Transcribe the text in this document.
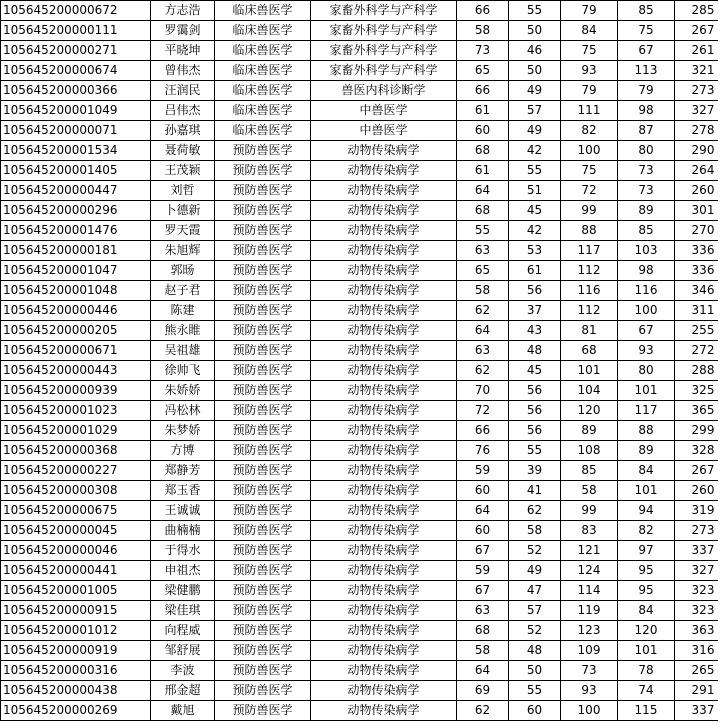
105645200000672	方志浩	临床兽医学	家畜外科学与产科学	66	55	79	85	285
105645200000111	罗霭剑	临床兽医学	家畜外科学与产科学	58	50	84	75	267
105645200000271	平晓坤	临床兽医学	家畜外科学与产科学	73	46	75	67	261
105645200000674	曾伟杰	临床兽医学	家畜外科学与产科学	65	50	93	113	321
105645200000366	汪润民	临床兽医学	兽医内科诊断学	66	49	79	79	273
105645200001049	吕伟杰	临床兽医学	中兽医学	61	57	111	98	327
105645200000071	孙嘉琪	临床兽医学	中兽医学	60	49	82	87	278
105645200001534	聂荷敏	预防兽医学	动物传染病学	68	42	100	80	290
105645200001405	王茂颖	预防兽医学	动物传染病学	61	55	75	73	264
105645200000447	刘哲	预防兽医学	动物传染病学	64	51	72	73	260
105645200000296	卜德新	预防兽医学	动物传染病学	68	45	99	89	301
105645200001476	罗天霞	预防兽医学	动物传染病学	55	42	88	85	270
105645200000181	朱旭辉	预防兽医学	动物传染病学	63	53	117	103	336
105645200001047	郭旸	预防兽医学	动物传染病学	65	61	112	98	336
105645200001048	赵子君	预防兽医学	动物传染病学	58	56	116	116	346
105645200000446	陈建	预防兽医学	动物传染病学	62	37	112	100	311
105645200000205	熊永睢	预防兽医学	动物传染病学	64	43	81	67	255
105645200000671	吴祖雄	预防兽医学	动物传染病学	63	48	68	93	272
105645200000443	徐帅飞	预防兽医学	动物传染病学	62	45	101	80	288
105645200000939	朱娇娇	预防兽医学	动物传染病学	70	56	104	101	325
105645200001023	冯松林	预防兽医学	动物传染病学	72	56	120	117	365
105645200001029	朱梦娇	预防兽医学	动物传染病学	66	56	89	88	299
105645200000368	方博	预防兽医学	动物传染病学	76	55	108	89	328
105645200000227	郑静芳	预防兽医学	动物传染病学	59	39	85	84	267
105645200000308	郑玉香	预防兽医学	动物传染病学	60	41	58	101	260
105645200000675	王诚诚	预防兽医学	动物传染病学	64	62	99	94	319
105645200000045	曲楠楠	预防兽医学	动物传染病学	60	58	83	82	273
105645200000046	于得水	预防兽医学	动物传染病学	67	52	121	97	337
105645200000441	申祖杰	预防兽医学	动物传染病学	59	49	124	95	327
105645200001005	梁健鹏	预防兽医学	动物传染病学	67	47	114	95	323
105645200000915	梁佳琪	预防兽医学	动物传染病学	63	57	119	84	323
105645200001012	向程威	预防兽医学	动物传染病学	68	52	123	120	363
105645200000919	邹舒展	预防兽医学	动物传染病学	58	48	109	101	316
105645200000316	李波	预防兽医学	动物传染病学	64	50	73	78	265
105645200000438	邢金超	预防兽医学	动物传染病学	69	55	93	74	291
105645200000269	戴旭	预防兽医学	动物传染病学	62	60	100	115	337
